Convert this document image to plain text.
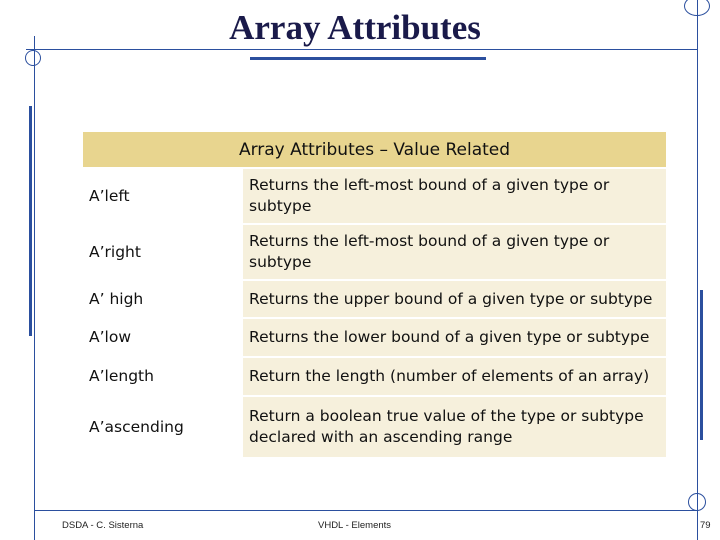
Array Attributes
Array Attributes – Value Related	
A’left	Returns the left-most bound of a given type or subtype
A’right	Returns the left-most bound of a given type or subtype
A’ high	Returns the upper bound of a given type or subtype
A’low	Returns the lower bound of a given type or subtype
A’length	Return the length (number of elements of an array)
A’ascending	Return a boolean true value of the type or subtype declared with an ascending range
DSDA - C. Sisterna	VHDL - Elements	79
